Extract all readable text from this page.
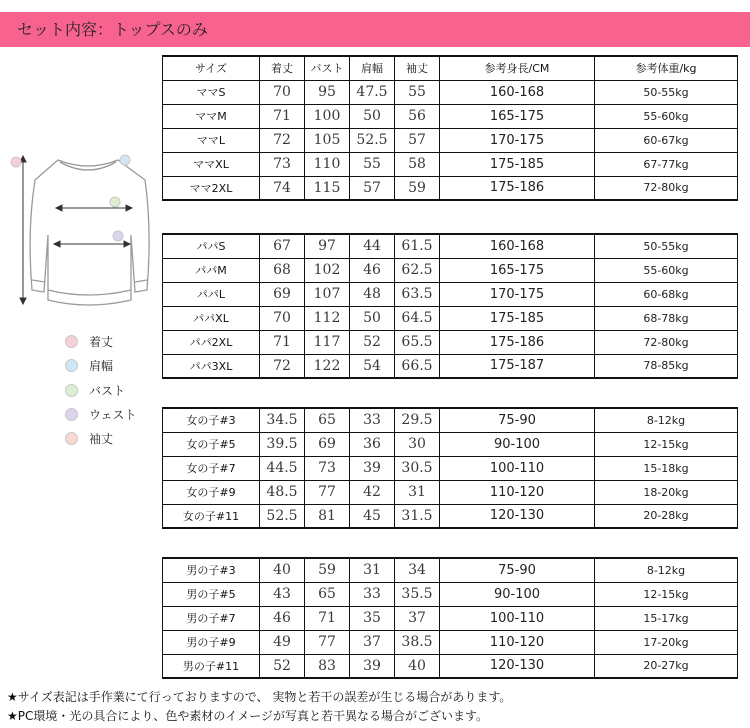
セット内容：トップスのみ
着丈
肩幅
バスト
ウェスト
袖丈
サイズ	着丈	バスト	肩幅	袖丈	参考身長/CM	参考体重/kg
ママS	70	95	47.5	55	160-168	50-55kg
ママM	71	100	50	56	165-175	55-60kg
ママL	72	105	52.5	57	170-175	60-67kg
ママXL	73	110	55	58	175-185	67-77kg
ママ2XL	74	115	57	59	175-186	72-80kg
パパS	67	97	44	61.5	160-168	50-55kg
パパM	68	102	46	62.5	165-175	55-60kg
パパL	69	107	48	63.5	170-175	60-68kg
パパXL	70	112	50	64.5	175-185	68-78kg
パパ2XL	71	117	52	65.5	175-186	72-80kg
パパ3XL	72	122	54	66.5	175-187	78-85kg
女の子#3	34.5	65	33	29.5	75-90	8-12kg
女の子#5	39.5	69	36	30	90-100	12-15kg
女の子#7	44.5	73	39	30.5	100-110	15-18kg
女の子#9	48.5	77	42	31	110-120	18-20kg
女の子#11	52.5	81	45	31.5	120-130	20-28kg
男の子#3	40	59	31	34	75-90	8-12kg
男の子#5	43	65	33	35.5	90-100	12-15kg
男の子#7	46	71	35	37	100-110	15-17kg
男の子#9	49	77	37	38.5	110-120	17-20kg
男の子#11	52	83	39	40	120-130	20-27kg
★サイズ表記は手作業にて行っておりますので、 実物と若干の誤差が生じる場合があります。
★PC環境・光の具合により、色や素材のイメージが写真と若干異なる場合がございます。
